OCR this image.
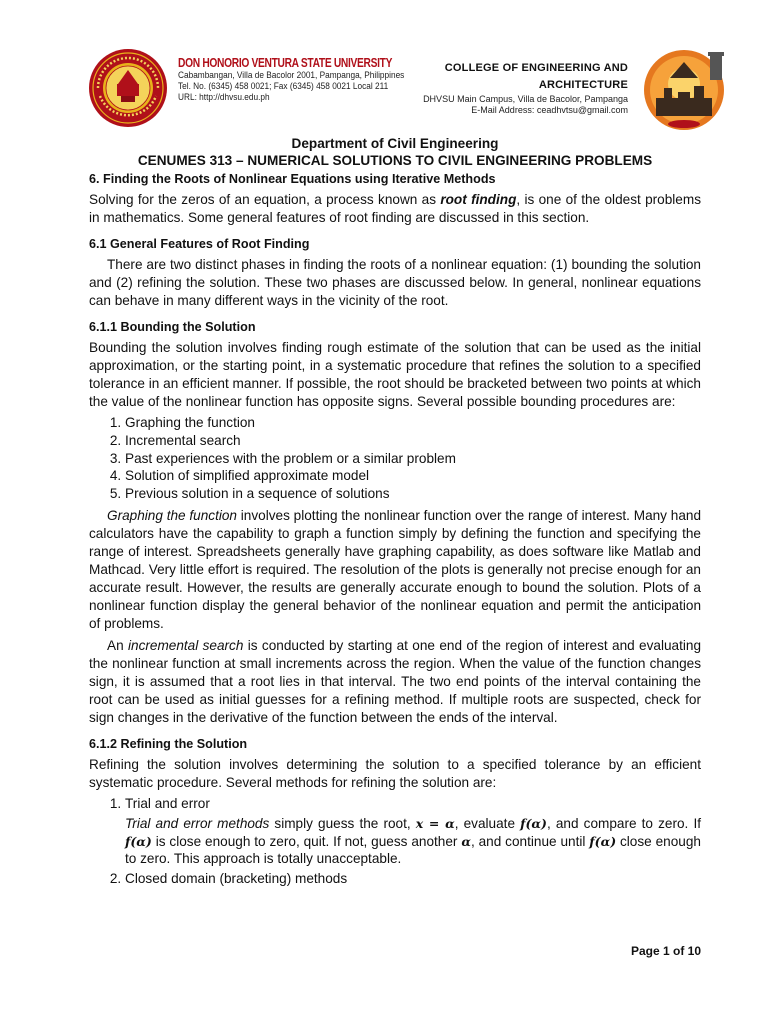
DON HONORIO VENTURA STATE UNIVERSITY
Cabambangan, Villa de Bacolor 2001, Pampanga, Philippines
Tel. No. (6345) 458 0021; Fax (6345) 458 0021 Local 211
URL: http://dhvsu.edu.ph
COLLEGE OF ENGINEERING AND
ARCHITECTURE
DHVSU Main Campus, Villa de Bacolor, Pampanga
E-Mail Address: ceadhvtsu@gmail.com
Department of Civil Engineering
CENUMES 313 – NUMERICAL SOLUTIONS TO CIVIL ENGINEERING PROBLEMS
6. Finding the Roots of Nonlinear Equations using Iterative Methods

Solving for the zeros of an equation, a process known as root finding, is one of the oldest problems in mathematics. Some general features of root finding are discussed in this section.

6.1 General Features of Root Finding

There are two distinct phases in finding the roots of a nonlinear equation: (1) bounding the solution and (2) refining the solution. These two phases are discussed below. In general, nonlinear equations can behave in many different ways in the vicinity of the root.

6.1.1 Bounding the Solution

Bounding the solution involves finding rough estimate of the solution that can be used as the initial approximation, or the starting point, in a systematic procedure that refines the solution to a specified tolerance in an efficient manner. If possible, the root should be bracketed between two points at which the value of the nonlinear function has opposite signs. Several possible bounding procedures are:

1. Graphing the function
2. Incremental search
3. Past experiences with the problem or a similar problem
4. Solution of simplified approximate model
5. Previous solution in a sequence of solutions

Graphing the function involves plotting the nonlinear function over the range of interest. Many hand calculators have the capability to graph a function simply by defining the function and specifying the range of interest. Spreadsheets generally have graphing capability, as does software like Matlab and Mathcad. Very little effort is required. The resolution of the plots is generally not precise enough for an accurate result. However, the results are generally accurate enough to bound the solution. Plots of a nonlinear function display the general behavior of the nonlinear equation and permit the anticipation of problems.

An incremental search is conducted by starting at one end of the region of interest and evaluating the nonlinear function at small increments across the region. When the value of the function changes sign, it is assumed that a root lies in that interval. The two end points of the interval containing the root can be used as initial guesses for a refining method. If multiple roots are suspected, check for sign changes in the derivative of the function between the ends of the interval.

6.1.2 Refining the Solution

Refining the solution involves determining the solution to a specified tolerance by an efficient systematic procedure. Several methods for refining the solution are:

1. Trial and error
Trial and error methods simply guess the root, x = α, evaluate f(α), and compare to zero. If f(α) is close enough to zero, quit. If not, guess another α, and continue until f(α) close enough to zero. This approach is totally unacceptable.
2. Closed domain (bracketing) methods
Page 1 of 10
